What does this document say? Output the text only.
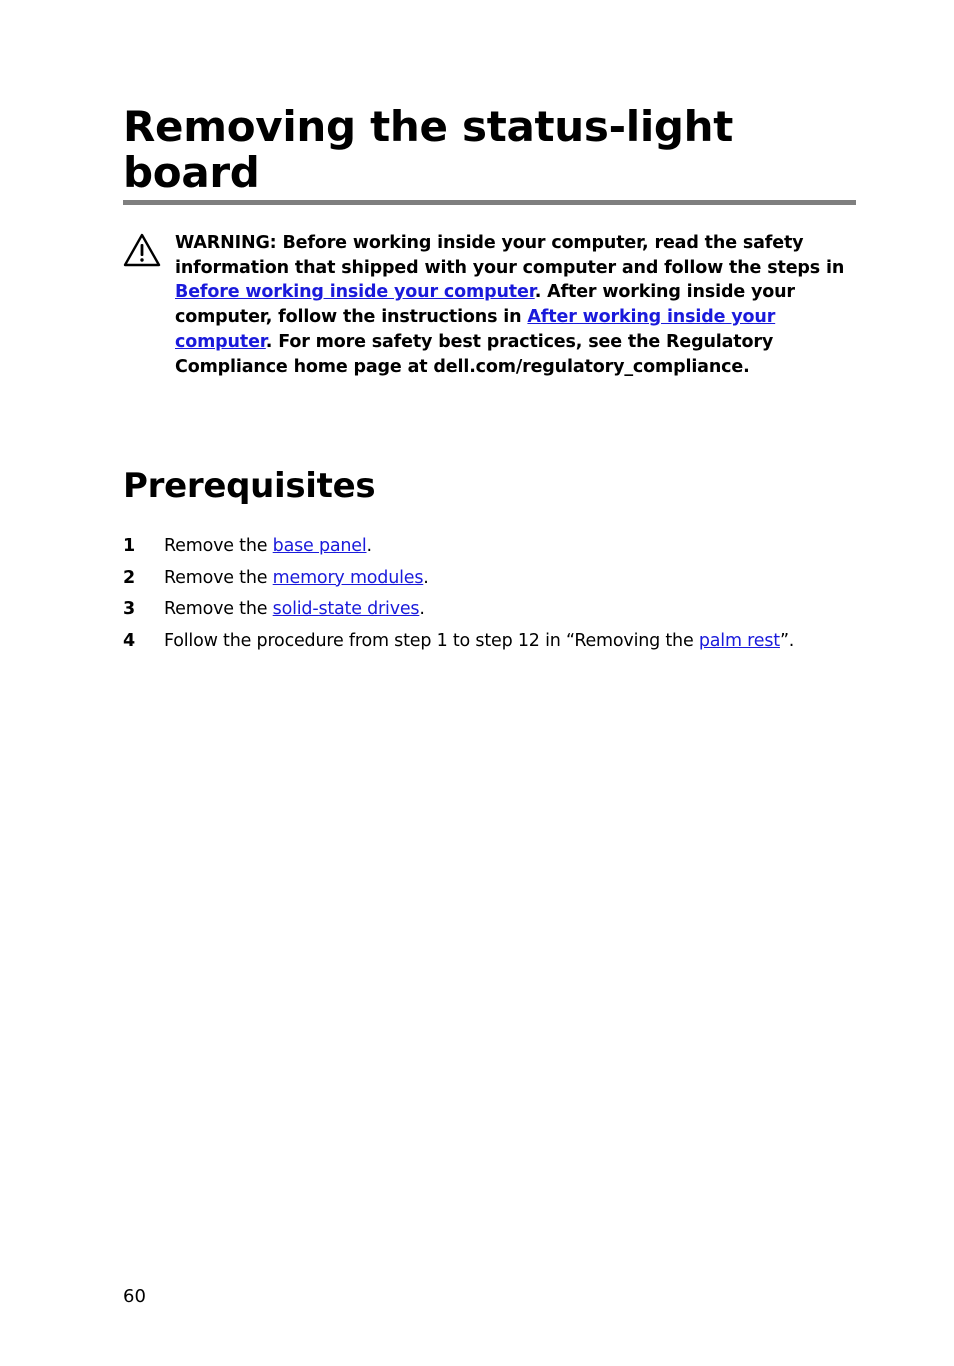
Removing the status-light board

WARNING: Before working inside your computer, read the safety information that shipped with your computer and follow the steps in Before working inside your computer. After working inside your computer, follow the instructions in After working inside your computer. For more safety best practices, see the Regulatory Compliance home page at dell.com/regulatory_compliance.

Prerequisites
1 Remove the base panel.
2 Remove the memory modules.
3 Remove the solid-state drives.
4 Follow the procedure from step 1 to step 12 in “Removing the palm rest”.
60
